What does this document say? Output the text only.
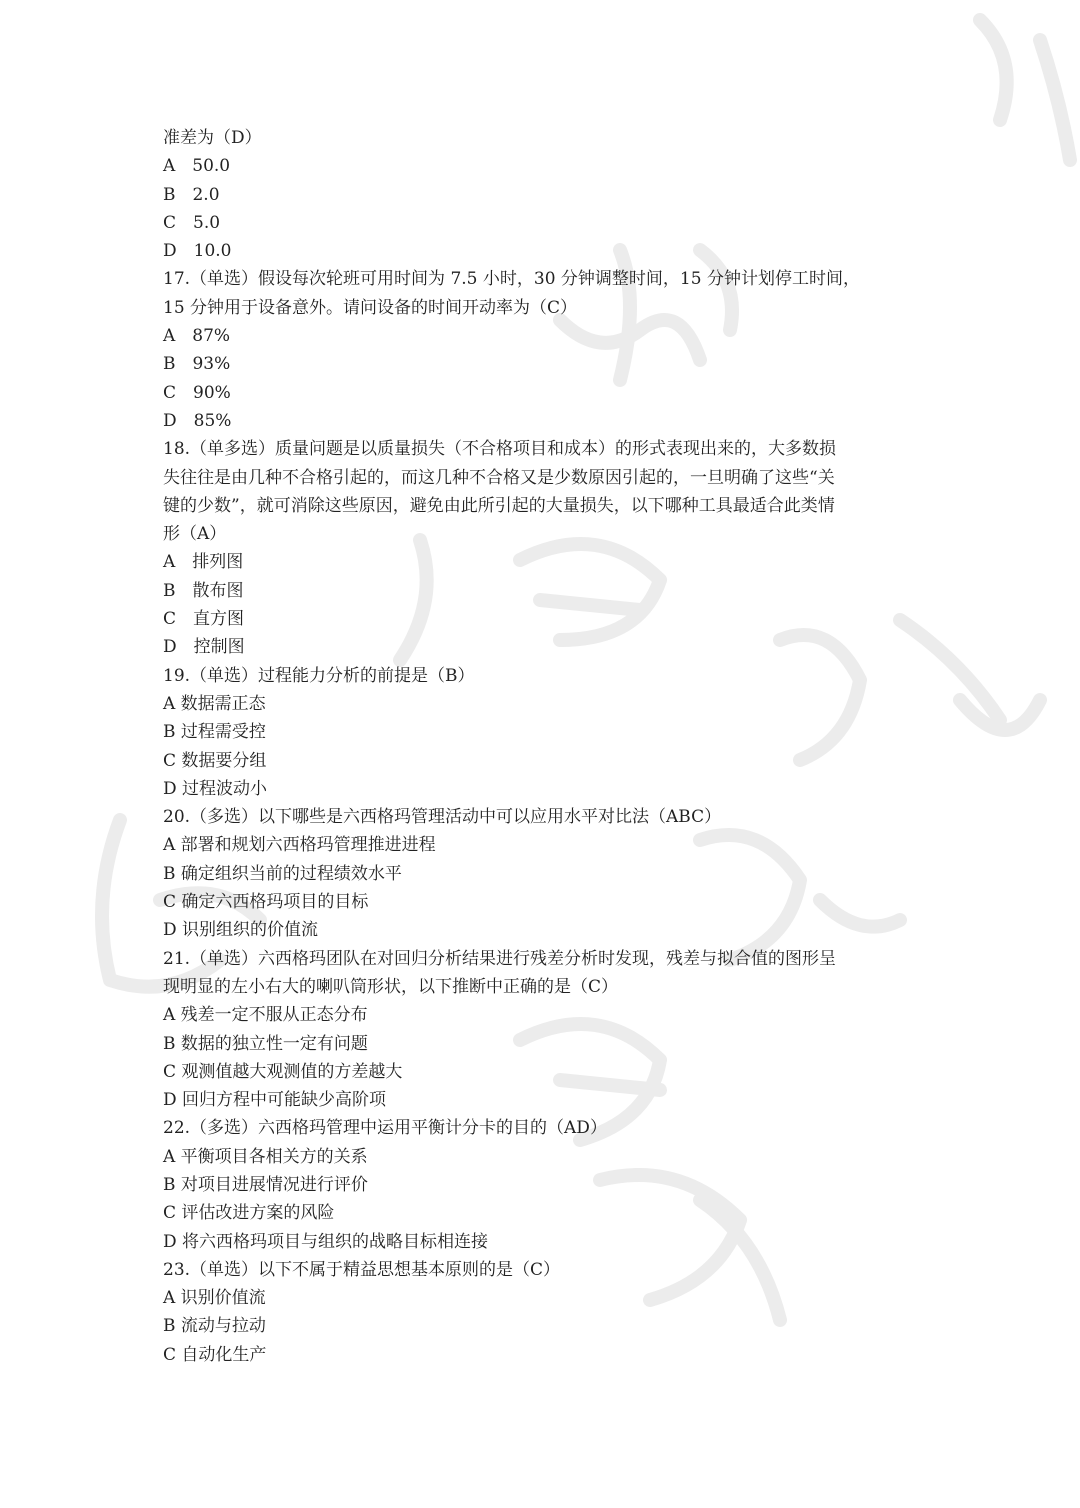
准差为（D）
A　50.0
B　2.0
C　5.0
D　10.0
17.（单选）假设每次轮班可用时间为 7.5 小时，30 分钟调整时间，15 分钟计划停工时间，
15 分钟用于设备意外。请问设备的时间开动率为（C）
A　87%
B　93%
C　90%
D　85%
18.（单多选）质量问题是以质量损失（不合格项目和成本）的形式表现出来的，大多数损
失往往是由几种不合格引起的，而这几种不合格又是少数原因引起的，一旦明确了这些“关
键的少数”，就可消除这些原因，避免由此所引起的大量损失，以下哪种工具最适合此类情
形（A）
A　排列图
B　散布图
C　直方图
D　控制图
19.（单选）过程能力分析的前提是（B）
A 数据需正态
B 过程需受控
C 数据要分组
D 过程波动小
20.（多选）以下哪些是六西格玛管理活动中可以应用水平对比法（ABC）
A 部署和规划六西格玛管理推进进程
B 确定组织当前的过程绩效水平
C 确定六西格玛项目的目标
D 识别组织的价值流
21.（单选）六西格玛团队在对回归分析结果进行残差分析时发现，残差与拟合值的图形呈
现明显的左小右大的喇叭筒形状，以下推断中正确的是（C）
A 残差一定不服从正态分布
B 数据的独立性一定有问题
C 观测值越大观测值的方差越大
D 回归方程中可能缺少高阶项
22.（多选）六西格玛管理中运用平衡计分卡的目的（AD）
A 平衡项目各相关方的关系
B 对项目进展情况进行评价
C 评估改进方案的风险
D 将六西格玛项目与组织的战略目标相连接
23.（单选）以下不属于精益思想基本原则的是（C）
A 识别价值流
B 流动与拉动
C 自动化生产
